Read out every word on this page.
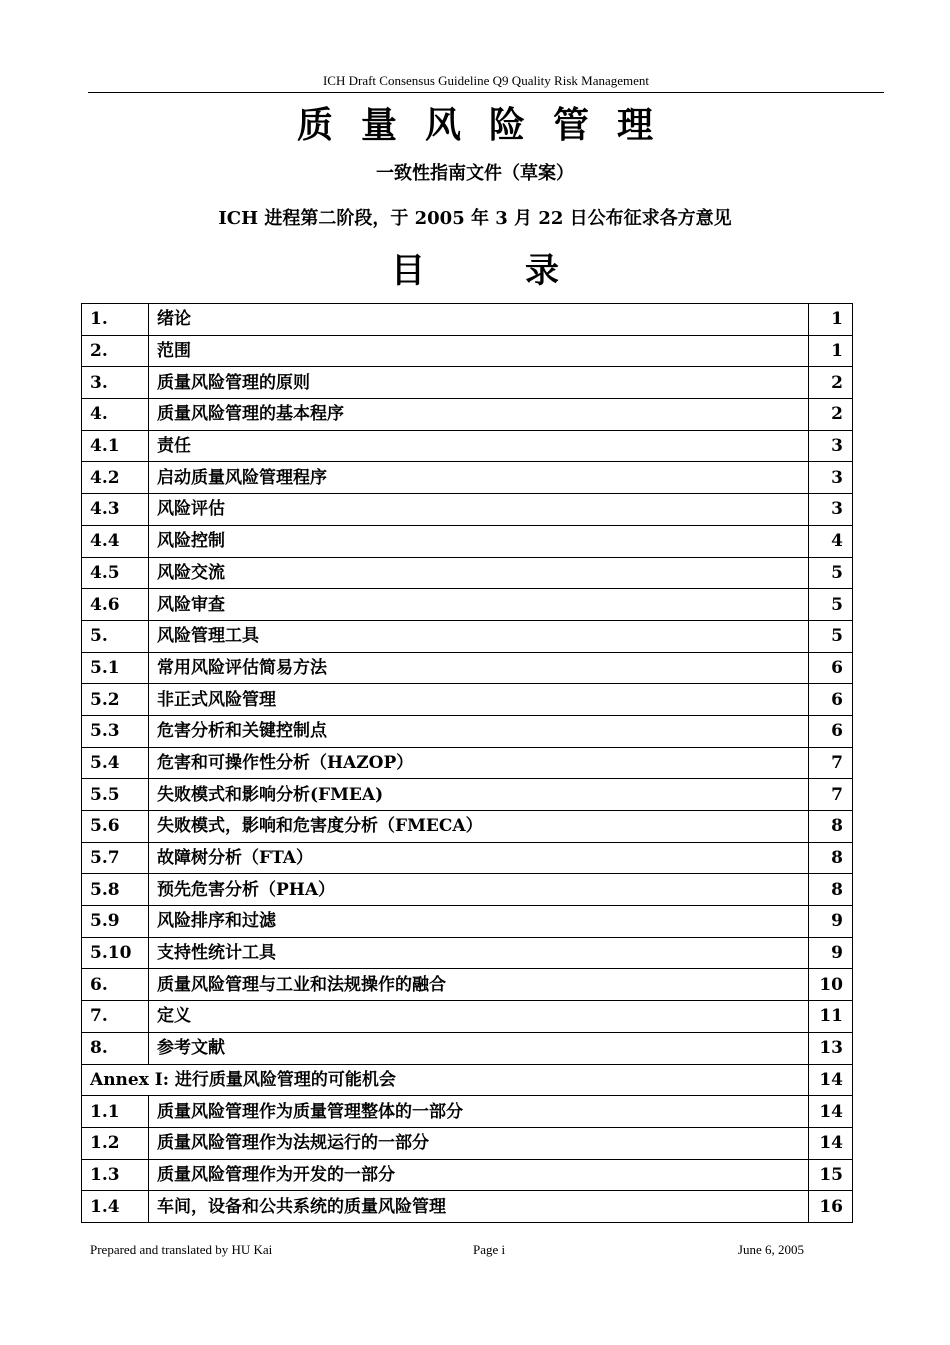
ICH Draft Consensus Guideline Q9 Quality Risk Management
质量风险管理
一致性指南文件（草案）
ICH 进程第二阶段，于 2005 年 3 月 22 日公布征求各方意见
目	录
1.	绪论	1
2.	范围	1
3.	质量风险管理的原则	2
4.	质量风险管理的基本程序	2
4.1	责任	3
4.2	启动质量风险管理程序	3
4.3	风险评估	3
4.4	风险控制	4
4.5	风险交流	5
4.6	风险审查	5
5.	风险管理工具	5
5.1	常用风险评估简易方法	6
5.2	非正式风险管理	6
5.3	危害分析和关键控制点	6
5.4	危害和可操作性分析（HAZOP）	7
5.5	失败模式和影响分析(FMEA)	7
5.6	失败模式，影响和危害度分析（FMECA）	8
5.7	故障树分析（FTA）	8
5.8	预先危害分析（PHA）	8
5.9	风险排序和过滤	9
5.10	支持性统计工具	9
6.	质量风险管理与工业和法规操作的融合	10
7.	定义	11
8.	参考文献	13
Annex I: 进行质量风险管理的可能机会		14
1.1	质量风险管理作为质量管理整体的一部分	14
1.2	质量风险管理作为法规运行的一部分	14
1.3	质量风险管理作为开发的一部分	15
1.4	车间，设备和公共系统的质量风险管理	16
Prepared and translated by HU Kai	Page i	June 6, 2005
